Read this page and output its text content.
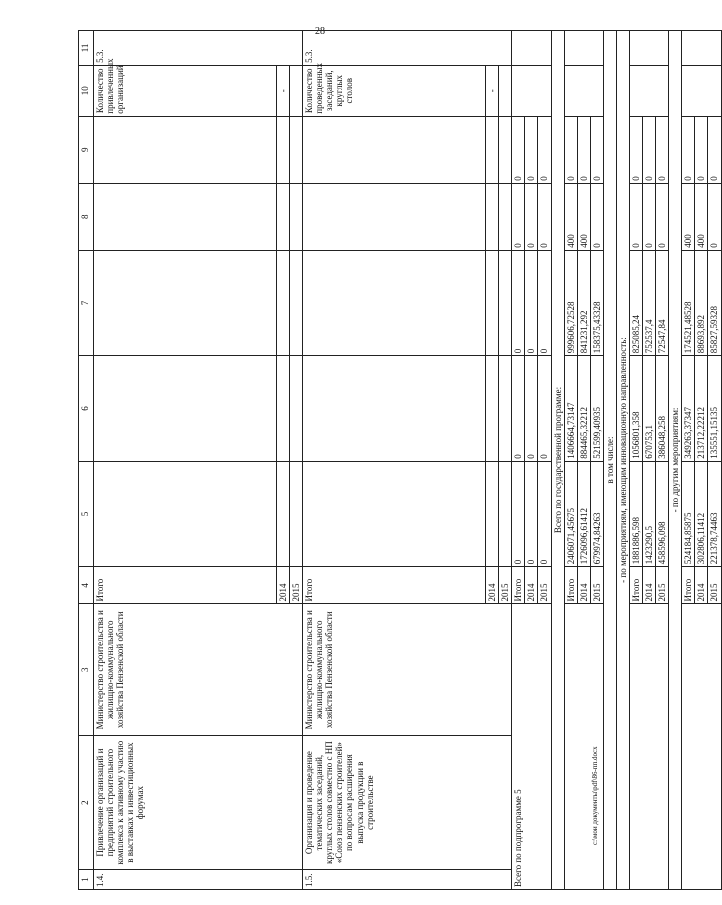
28
1	2	3	4	5	6	7	8	9	10	11
1.4.	Привлечение организаций и предприятий строительного комплекса к активному участию в выставках и инвестиционных форумах	Министерство строительства и жилищно-коммунального хозяйства Пензенской области	Итого						Количество привлеченных организаций	5.3.
			2014						-	
			2015							
1.5.	Организация и проведение тематических заседаний, круглых столов совместно с НП «Союз пензенских строителей» по вопросам расширения выпуска продукции в строительстве	Министерство строительства и жилищно-коммунального хозяйства Пензенской области	Итого						Количество проведенных заседаний, круглых столов	5.3.
			2014						-	
			2015							
Всего по подпрограмме 5			Итого	0	0	0	0	0		
			2014	0	0	0	0	0		
			2015	0	0	0	0	0		
Всего по государственной программе:										
			Итого	2406071,45675	1406664,73147	999606,72528	400	0		
			2014	1726096,61412	884465,32212	841231,292	400	0		
			2015	679974,84263	521599,40935	158375,43328	0	0		
в том числе:										
- по мероприятиям, имеющим инновационную направленность:										
			Итого	1881886,598	1056801,358	825085,24	0	0		
			2014	1423290,5	670753,1	752537,4	0	0		
			2015	458596,098	386048,258	72547,84	0	0		
- по другим мероприятиям:										
			Итого	524184,85875	349263,37347	174521,48528	400	0		
			2014	302806,11412	213712,22212	88693,892	400	0		
			2015	221378,74463	135551,15135	85827,59328	0	0		
c:\мои документы\pdf\86-пп.docx
